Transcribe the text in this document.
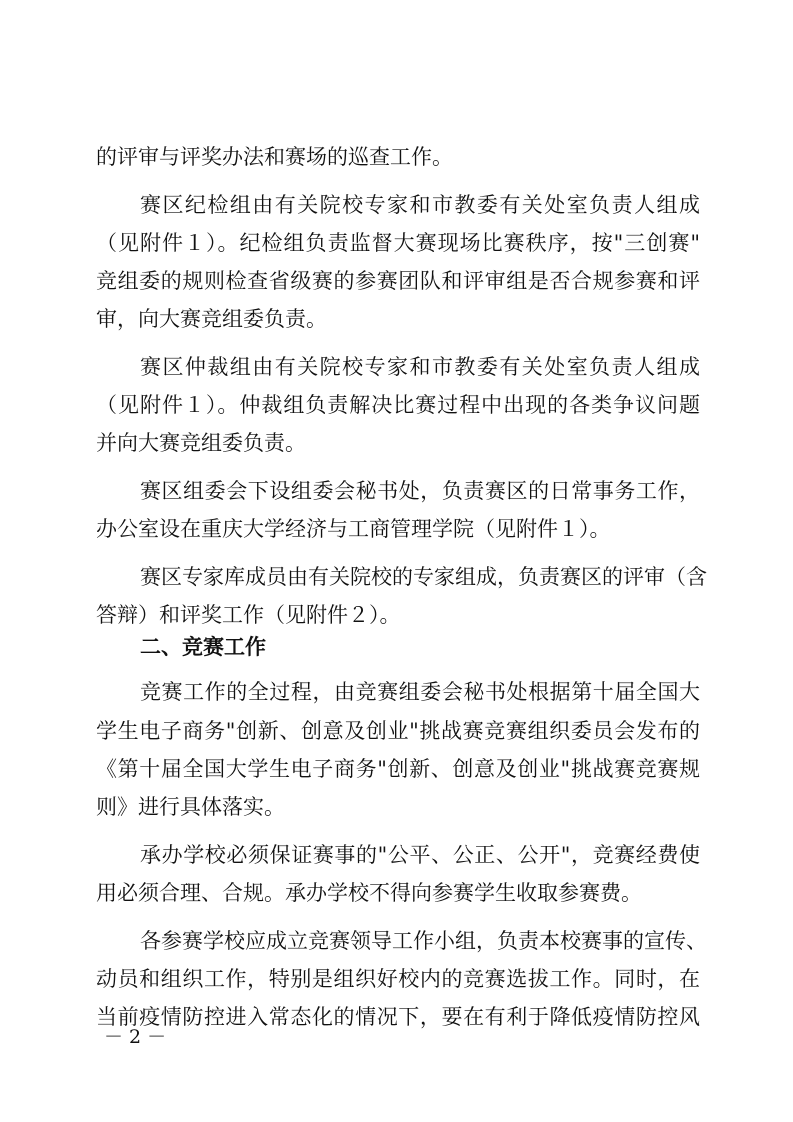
的评审与评奖办法和赛场的巡查工作。

赛区纪检组由有关院校专家和市教委有关处室负责人组成

（见附件１）。纪检组负责监督大赛现场比赛秩序，按"三创赛"

竞组委的规则检查省级赛的参赛团队和评审组是否合规参赛和评

审，向大赛竞组委负责。

赛区仲裁组由有关院校专家和市教委有关处室负责人组成

（见附件１）。仲裁组负责解决比赛过程中出现的各类争议问题

并向大赛竞组委负责。

赛区组委会下设组委会秘书处，负责赛区的日常事务工作，

办公室设在重庆大学经济与工商管理学院（见附件１）。

赛区专家库成员由有关院校的专家组成，负责赛区的评审（含

答辩）和评奖工作（见附件２）。

二、竞赛工作

竞赛工作的全过程，由竞赛组委会秘书处根据第十届全国大

学生电子商务"创新、创意及创业"挑战赛竞赛组织委员会发布的

《第十届全国大学生电子商务"创新、创意及创业"挑战赛竞赛规

则》进行具体落实。

承办学校必须保证赛事的"公平、公正、公开"，竞赛经费使

用必须合理、合规。承办学校不得向参赛学生收取参赛费。

各参赛学校应成立竞赛领导工作小组，负责本校赛事的宣传、

动员和组织工作，特别是组织好校内的竞赛选拔工作。同时，在

当前疫情防控进入常态化的情况下，要在有利于降低疫情防控风

－ 2 －
